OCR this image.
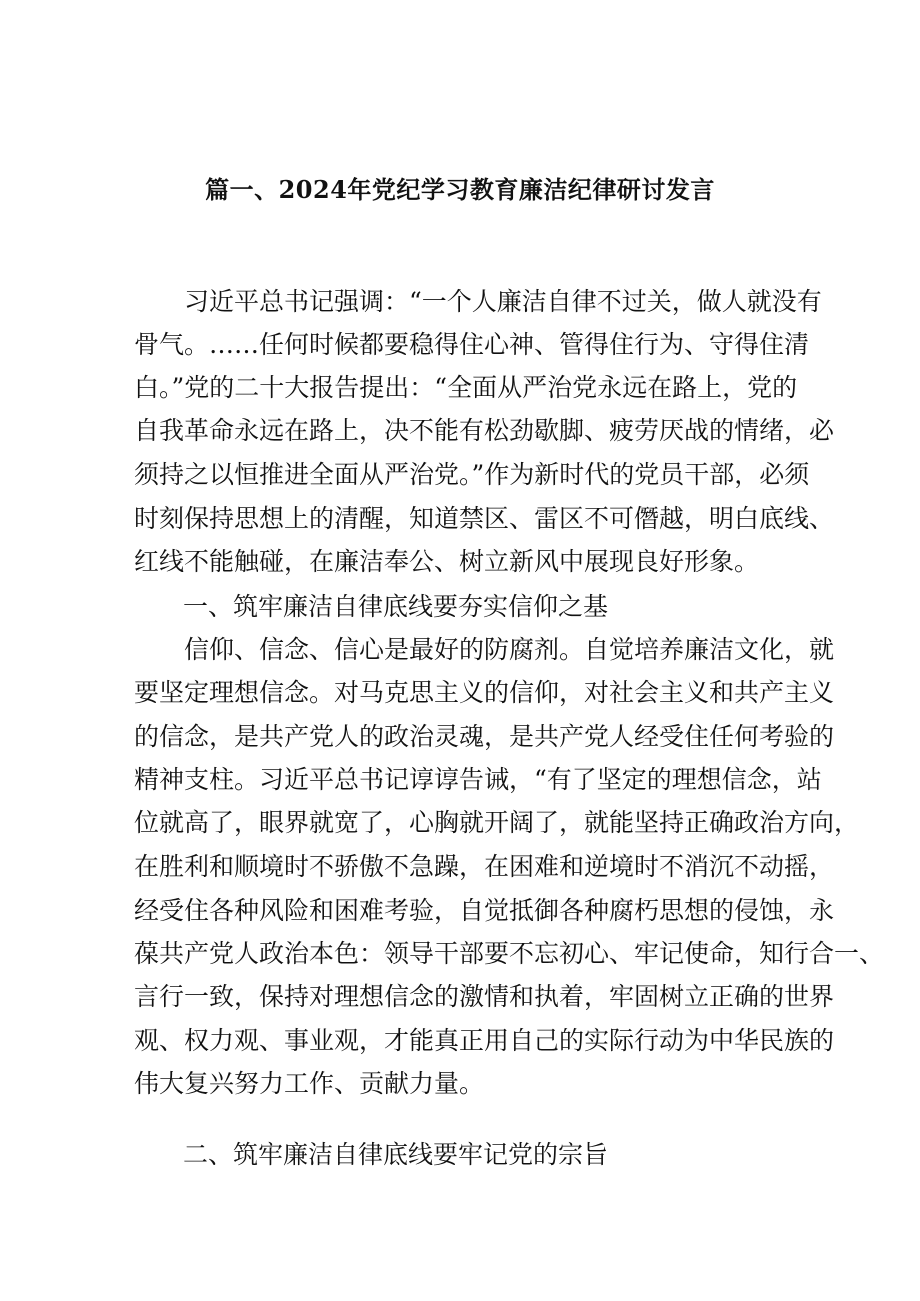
篇一、2024年党纪学习教育廉洁纪律研讨发言
　　习近平总书记强调：“一个人廉洁自律不过关，做人就没有
骨气。……任何时候都要稳得住心神、管得住行为、守得住清
白。”党的二十大报告提出：“全面从严治党永远在路上，党的
自我革命永远在路上，决不能有松劲歇脚、疲劳厌战的情绪，必
须持之以恒推进全面从严治党。”作为新时代的党员干部，必须
时刻保持思想上的清醒，知道禁区、雷区不可僭越，明白底线、
红线不能触碰，在廉洁奉公、树立新风中展现良好形象。
一、筑牢廉洁自律底线要夯实信仰之基
　　信仰、信念、信心是最好的防腐剂。自觉培养廉洁文化，就
要坚定理想信念。对马克思主义的信仰，对社会主义和共产主义
的信念，是共产党人的政治灵魂，是共产党人经受住任何考验的
精神支柱。习近平总书记谆谆告诫，“有了坚定的理想信念，站
位就高了，眼界就宽了，心胸就开阔了，就能坚持正确政治方向，
在胜利和顺境时不骄傲不急躁，在困难和逆境时不消沉不动摇，
经受住各种风险和困难考验，自觉抵御各种腐朽思想的侵蚀，永
葆共产党人政治本色：领导干部要不忘初心、牢记使命，知行合一、
言行一致，保持对理想信念的激情和执着，牢固树立正确的世界
观、权力观、事业观，才能真正用自己的实际行动为中华民族的
伟大复兴努力工作、贡献力量。
二、筑牢廉洁自律底线要牢记党的宗旨
